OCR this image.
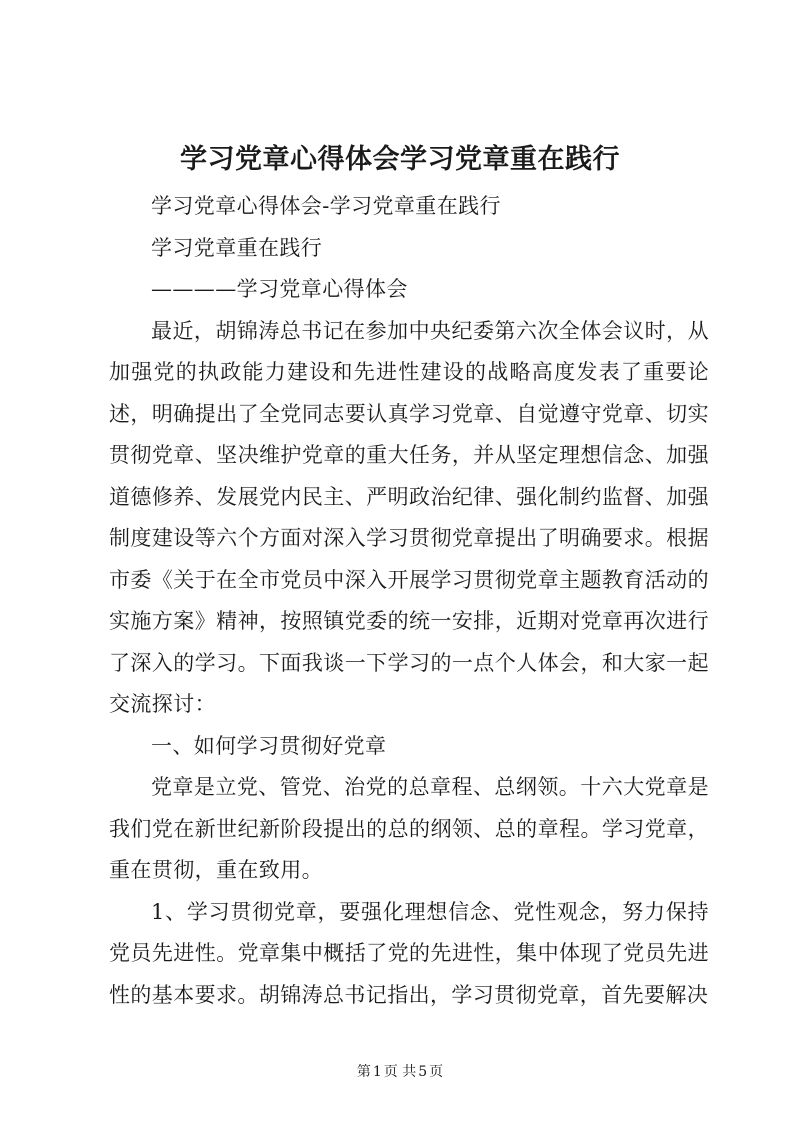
学习党章心得体会学习党章重在践行

学习党章心得体会-学习党章重在践行

学习党章重在践行

————学习党章心得体会

最近，胡锦涛总书记在参加中央纪委第六次全体会议时，从加强党的执政能力建设和先进性建设的战略高度发表了重要论述，明确提出了全党同志要认真学习党章、自觉遵守党章、切实贯彻党章、坚决维护党章的重大任务，并从坚定理想信念、加强道德修养、发展党内民主、严明政治纪律、强化制约监督、加强制度建设等六个方面对深入学习贯彻党章提出了明确要求。根据市委《关于在全市党员中深入开展学习贯彻党章主题教育活动的实施方案》精神，按照镇党委的统一安排，近期对党章再次进行了深入的学习。下面我谈一下学习的一点个人体会，和大家一起交流探讨：

一、如何学习贯彻好党章

党章是立党、管党、治党的总章程、总纲领。十六大党章是我们党在新世纪新阶段提出的总的纲领、总的章程。学习党章，重在贯彻，重在致用。

1、学习贯彻党章，要强化理想信念、党性观念，努力保持党员先进性。党章集中概括了党的先进性，集中体现了党员先进性的基本要求。胡锦涛总书记指出，学习贯彻党章，首先要解决

第 1 页 共 5 页
